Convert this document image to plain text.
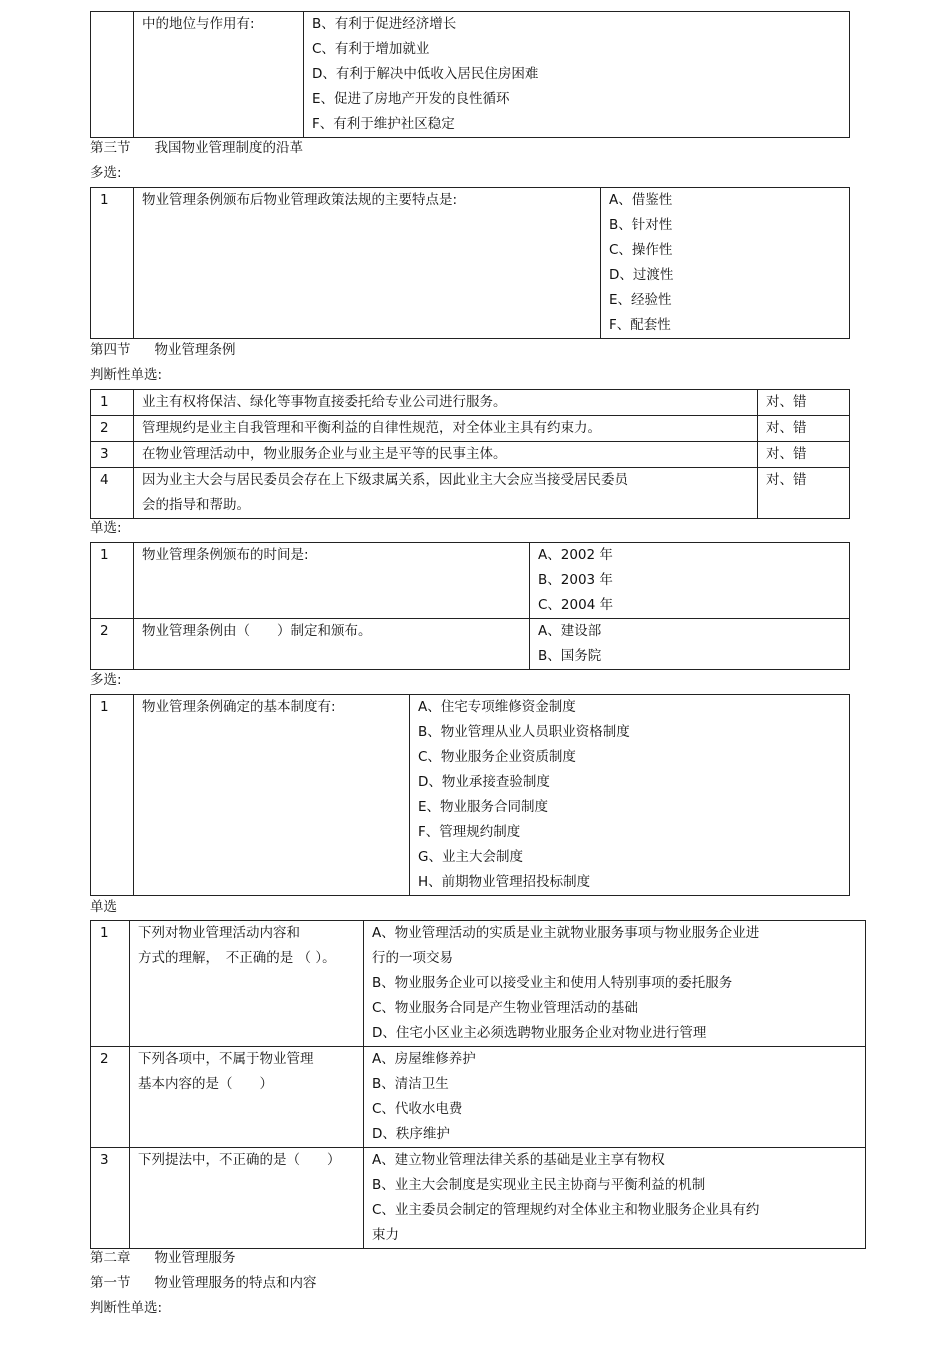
	中的地位与作用有:	B、有利于促进经济增长
C、有利于增加就业
D、有利于解决中低收入居民住房困难
E、促进了房地产开发的良性循环
F、有利于维护社区稳定
第三节 我国物业管理制度的沿革
多选:
1	物业管理条例颁布后物业管理政策法规的主要特点是:	A、借鉴性
B、针对性
C、操作性
D、过渡性
E、经验性
F、配套性
第四节 物业管理条例
判断性单选:
1	业主有权将保洁、绿化等事物直接委托给专业公司进行服务。	对、错
2	管理规约是业主自我管理和平衡利益的自律性规范，对全体业主具有约束力。	对、错
3	在物业管理活动中，物业服务企业与业主是平等的民事主体。	对、错
4	因为业主大会与居民委员会存在上下级隶属关系，因此业主大会应当接受居民委员
会的指导和帮助。	对、错
单选:
1	物业管理条例颁布的时间是:	A、2002 年
B、2003 年
C、2004 年

2	物业管理条例由（　　）制定和颁布。	A、建设部
B、国务院
多选:
1	物业管理条例确定的基本制度有:	A、住宅专项维修资金制度
B、物业管理从业人员职业资格制度
C、物业服务企业资质制度
D、物业承接查验制度
E、物业服务合同制度
F、管理规约制度
G、业主大会制度
H、前期物业管理招投标制度
单选
1	下列对物业管理活动内容和
方式的理解，　不正确的是 （ ）。	A、物业管理活动的实质是业主就物业服务事项与物业服务企业进
行的一项交易
B、物业服务企业可以接受业主和使用人特别事项的委托服务
C、物业服务合同是产生物业管理活动的基础
D、住宅小区业主必须选聘物业服务企业对物业进行管理

2	下列各项中，不属于物业管理
基本内容的是（　　）	A、房屋维修养护
B、清洁卫生
C、代收水电费
D、秩序维护

3	下列提法中，不正确的是（　　）	A、建立物业管理法律关系的基础是业主享有物权
B、业主大会制度是实现业主民主协商与平衡利益的机制
C、业主委员会制定的管理规约对全体业主和物业服务企业具有约
束力
第二章 物业管理服务
第一节 物业管理服务的特点和内容
判断性单选:
